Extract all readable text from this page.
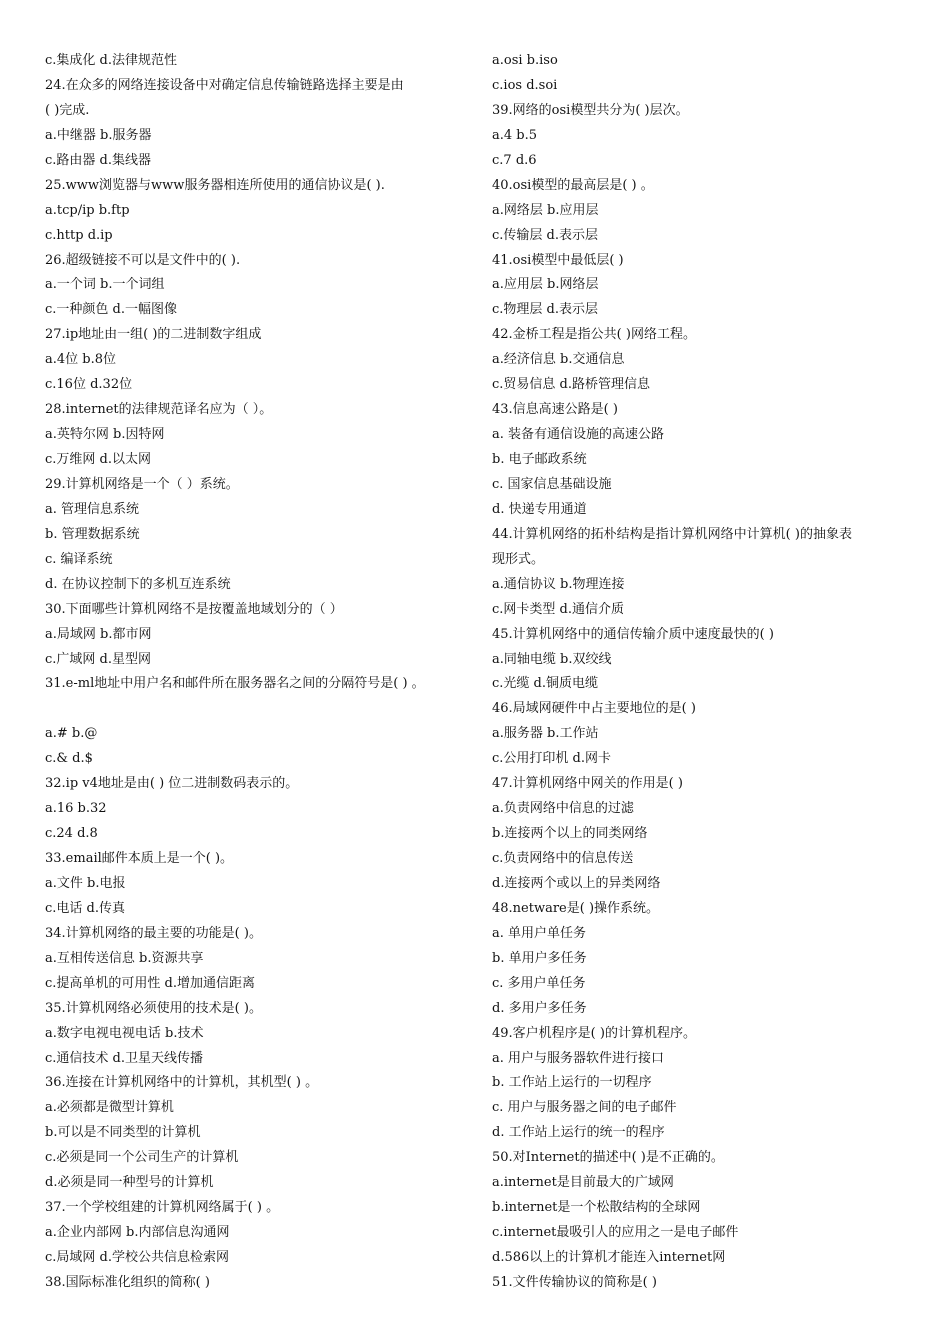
c.集成化 d.法律规范性
24.在众多的网络连接设备中对确定信息传输链路选择主要是由
( )完成.
a.中继器 b.服务器
c.路由器 d.集线器
25.www浏览器与www服务器相连所使用的通信协议是( ).
a.tcp/ip b.ftp
c.http d.ip
26.超级链接不可以是文件中的( ).
a.一个词 b.一个词组
c.一种颜色 d.一幅图像
27.ip地址由一组( )的二进制数字组成
a.4位 b.8位
c.16位 d.32位
28.internet的法律规范译名应为（ ）。
a.英特尔网 b.因特网
c.万维网 d.以太网
29.计算机网络是一个（ ）系统。
a. 管理信息系统
b. 管理数据系统
c. 编译系统
d. 在协议控制下的多机互连系统
30.下面哪些计算机网络不是按覆盖地域划分的（ ）
a.局域网 b.都市网
c.广域网 d.星型网
31.e-ml地址中用户名和邮件所在服务器名之间的分隔符号是( ) 。
a.# b.@
c.& d.$
32.ip v4地址是由( ) 位二进制数码表示的。
a.16 b.32
c.24 d.8
33.email邮件本质上是一个( )。
a.文件 b.电报
c.电话 d.传真
34.计算机网络的最主要的功能是( )。
a.互相传送信息 b.资源共享
c.提高单机的可用性 d.增加通信距离
35.计算机网络必须使用的技术是( )。
a.数字电视电视电话 b.技术
c.通信技术 d.卫星天线传播
36.连接在计算机网络中的计算机，其机型( ) 。
a.必须都是微型计算机
b.可以是不同类型的计算机
c.必须是同一个公司生产的计算机
d.必须是同一种型号的计算机
37.一个学校组建的计算机网络属于( ) 。
a.企业内部网 b.内部信息沟通网
c.局域网 d.学校公共信息检索网
38.国际标准化组织的简称( )
a.osi b.iso
c.ios d.soi
39.网络的osi模型共分为( )层次。
a.4 b.5
c.7 d.6
40.osi模型的最高层是( ) 。
a.网络层 b.应用层
c.传输层 d.表示层
41.osi模型中最低层( )
a.应用层 b.网络层
c.物理层 d.表示层
42.金桥工程是指公共( )网络工程。
a.经济信息 b.交通信息
c.贸易信息 d.路桥管理信息
43.信息高速公路是( )
a. 装备有通信设施的高速公路
b. 电子邮政系统
c. 国家信息基础设施
d. 快递专用通道
44.计算机网络的拓朴结构是指计算机网络中计算机( )的抽象表
现形式。
a.通信协议 b.物理连接
c.网卡类型 d.通信介质
45.计算机网络中的通信传输介质中速度最快的( )
a.同轴电缆 b.双绞线
c.光缆 d.铜质电缆
46.局域网硬件中占主要地位的是( )
a.服务器 b.工作站
c.公用打印机 d.网卡
47.计算机网络中网关的作用是( )
a.负责网络中信息的过滤
b.连接两个以上的同类网络
c.负责网络中的信息传送
d.连接两个或以上的异类网络
48.netware是( )操作系统。
a. 单用户单任务
b. 单用户多任务
c. 多用户单任务
d. 多用户多任务
49.客户机程序是( )的计算机程序。
a. 用户与服务器软件进行接口
b. 工作站上运行的一切程序
c. 用户与服务器之间的电子邮件
d. 工作站上运行的统一的程序
50.对Internet的描述中( )是不正确的。
a.internet是目前最大的广域网
b.internet是一个松散结构的全球网
c.internet最吸引人的应用之一是电子邮件
d.586以上的计算机才能连入internet网
51.文件传输协议的简称是( )
